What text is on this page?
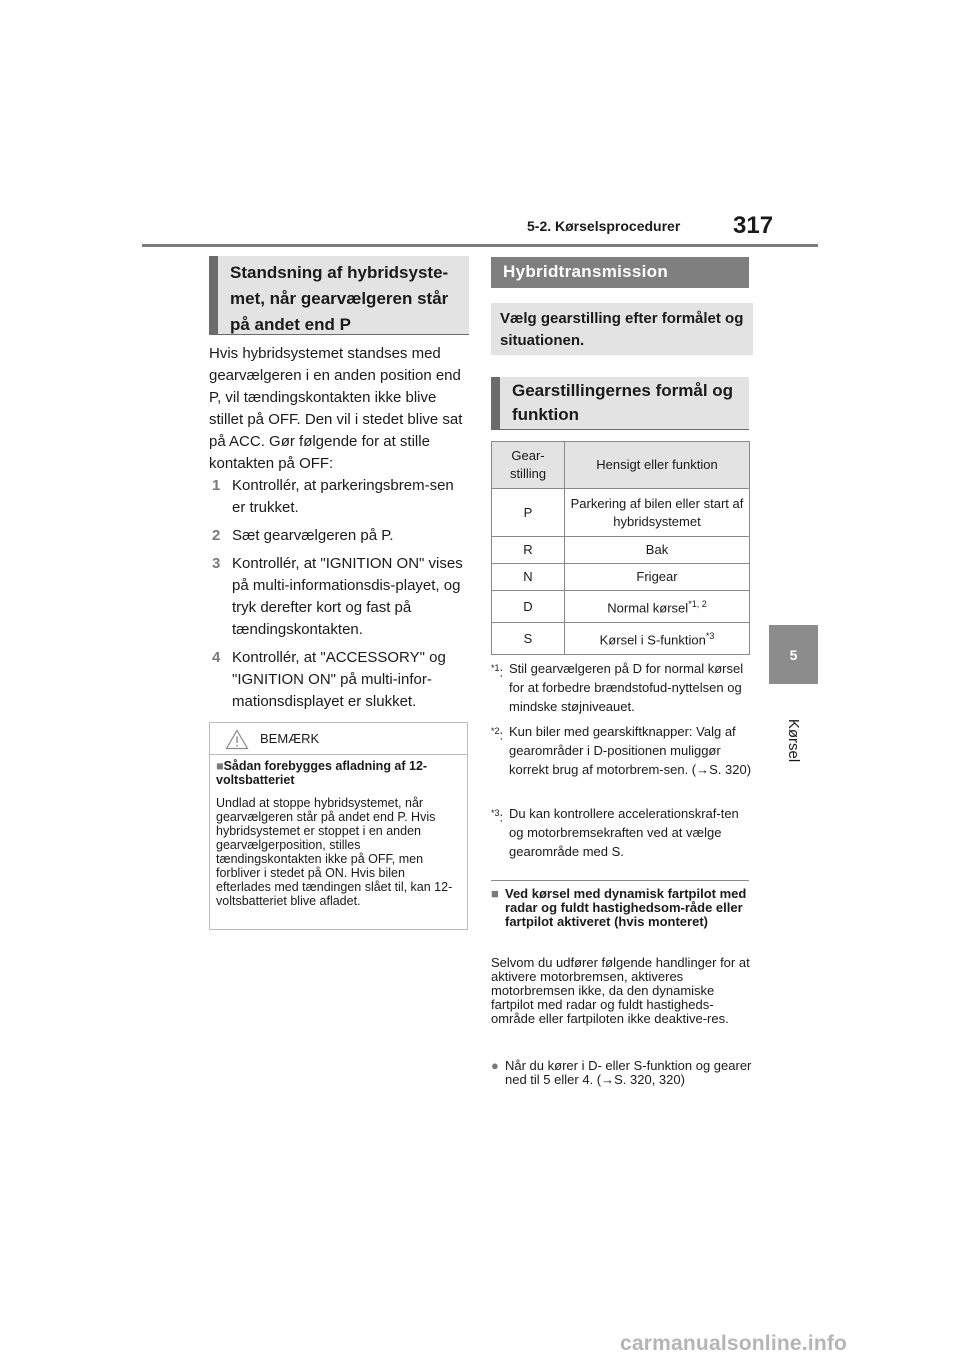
5-2. Kørselsprocedurer 317
5
Kørsel
Standsning af hybridsyste-met, når gearvælgeren står på andet end P
Hvis hybridsystemet standses med gearvælgeren i en anden position end P, vil tændingskontakten ikke blive stillet på OFF. Den vil i stedet blive sat på ACC. Gør følgende for at stille kontakten på OFF:
1 Kontrollér, at parkeringsbrem-sen er trukket.
2 Sæt gearvælgeren på P.
3 Kontrollér, at "IGNITION ON" vises på multi-informationsdis-playet, og tryk derefter kort og fast på tændingskontakten.
4 Kontrollér, at "ACCESSORY" og "IGNITION ON" på multi-infor-mationsdisplayet er slukket.
BEMÆRK
■Sådan forebygges afladning af 12-voltsbatteriet
Undlad at stoppe hybridsystemet, når gearvælgeren står på andet end P. Hvis hybridsystemet er stoppet i en anden gearvælgerposition, stilles tændingskontakten ikke på OFF, men forbliver i stedet på ON. Hvis bilen efterlades med tændingen slået til, kan 12-voltsbatteriet blive afladet.
Hybridtransmission
Vælg gearstilling efter formålet og situationen.
Gearstillingernes formål og funktion
Gear-stilling	Hensigt eller funktion
P	Parkering af bilen eller start af hybridsystemet
R	Bak
N	Frigear
D	Normal kørsel$^{*1, 2}$
S	Kørsel i S-funktion$^{*3}$
$^{*1}$: Stil gearvælgeren på D for normal kørsel for at forbedre brændstofud-nyttelsen og mindske støjniveauet.
$^{*2}$: Kun biler med gearskiftknapper: Valg af gearområder i D-positionen muliggør korrekt brug af motorbrem-sen. (→S. 320)
$^{*3}$: Du kan kontrollere accelerationskraf-ten og motorbremsekraften ved at vælge gearområde med S.
■ Ved kørsel med dynamisk fartpilot med radar og fuldt hastighedsom-råde eller fartpilot aktiveret (hvis monteret)
Selvom du udfører følgende handlinger for at aktivere motorbremsen, aktiveres motorbremsen ikke, da den dynamiske fartpilot med radar og fuldt hastigheds-område eller fartpiloten ikke deaktive-res.
● Når du kører i D- eller S-funktion og gearer ned til 5 eller 4. (→S. 320, 320)
carmanualsonline.info
